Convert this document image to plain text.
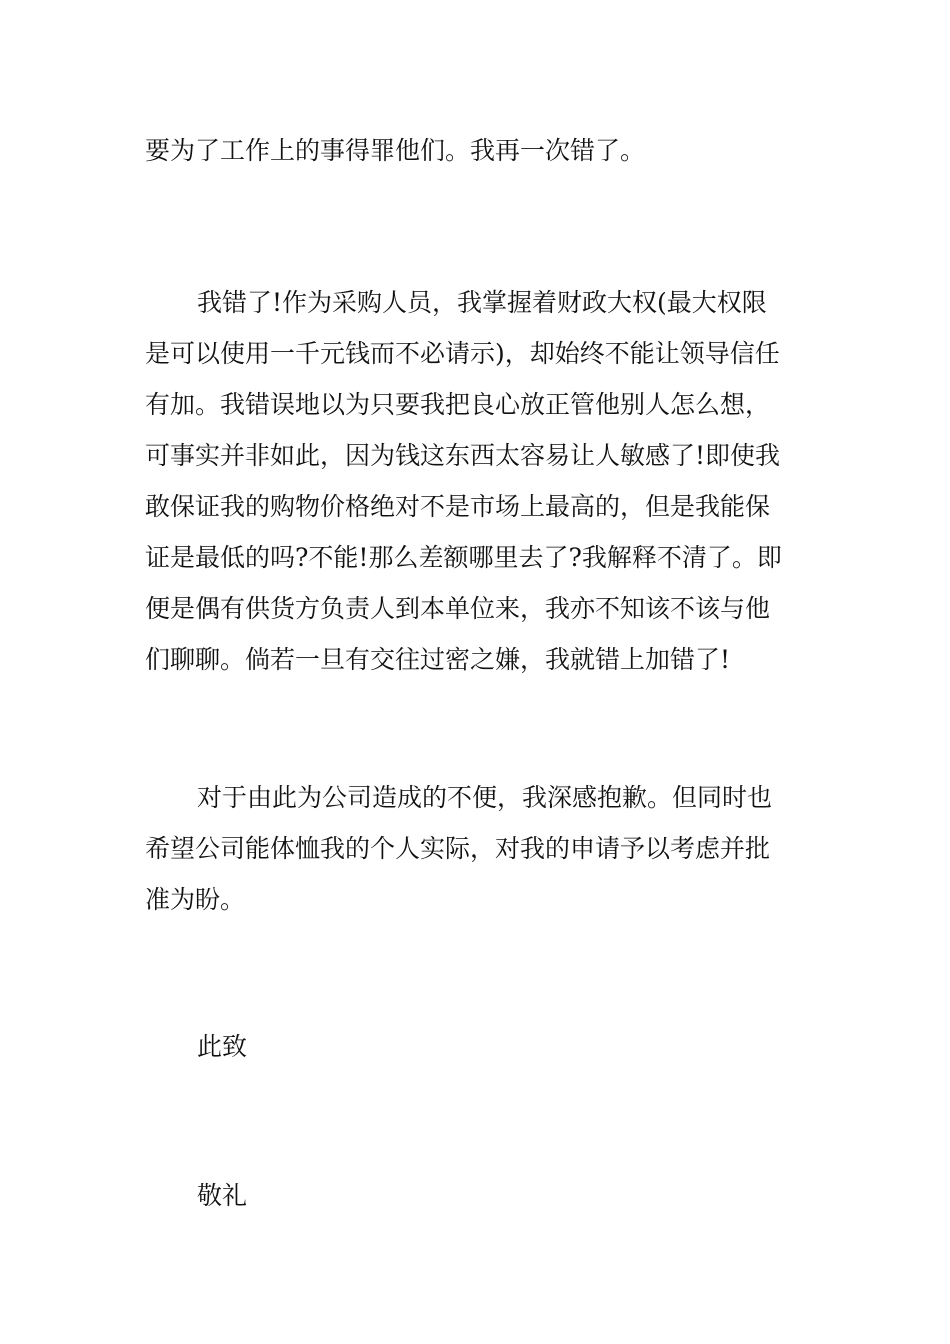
要为了工作上的事得罪他们。我再一次错了。
我错了!作为采购人员，我掌握着财政大权(最大权限
是可以使用一千元钱而不必请示)，却始终不能让领导信任
有加。我错误地以为只要我把良心放正管他别人怎么想，
可事实并非如此，因为钱这东西太容易让人敏感了!即使我
敢保证我的购物价格绝对不是市场上最高的，但是我能保
证是最低的吗?不能!那么差额哪里去了?我解释不清了。即
便是偶有供货方负责人到本单位来，我亦不知该不该与他
们聊聊。倘若一旦有交往过密之嫌，我就错上加错了!
对于由此为公司造成的不便，我深感抱歉。但同时也
希望公司能体恤我的个人实际，对我的申请予以考虑并批
准为盼。
此致
敬礼
